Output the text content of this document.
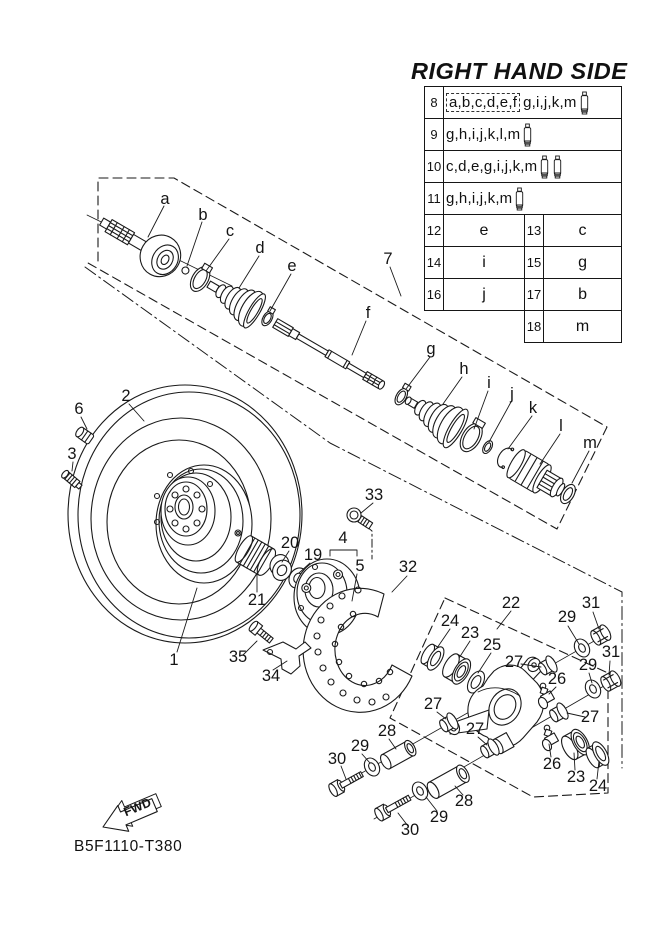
FWD
a
b
c
d
e
f
g
h
i
j
k
l
m
1
2
3
4
5
6
7
19
20
21	22
23
23
24
24
25
26
26
27
27
27
27
28
28
29
29
29
29
30
30
31
31
32
33
34
35
RIGHT HAND SIDE
8	a,b,c,d,e,f g,i,j,k,m		

9	g,h,i,j,k,l,m		

10	c,d,e,g,i,j,k,m		

11	g,h,i,j,k,m		

12	e	13	c
14	i	15	g
16	j	17	b
		18	m
B5F1110-T380
